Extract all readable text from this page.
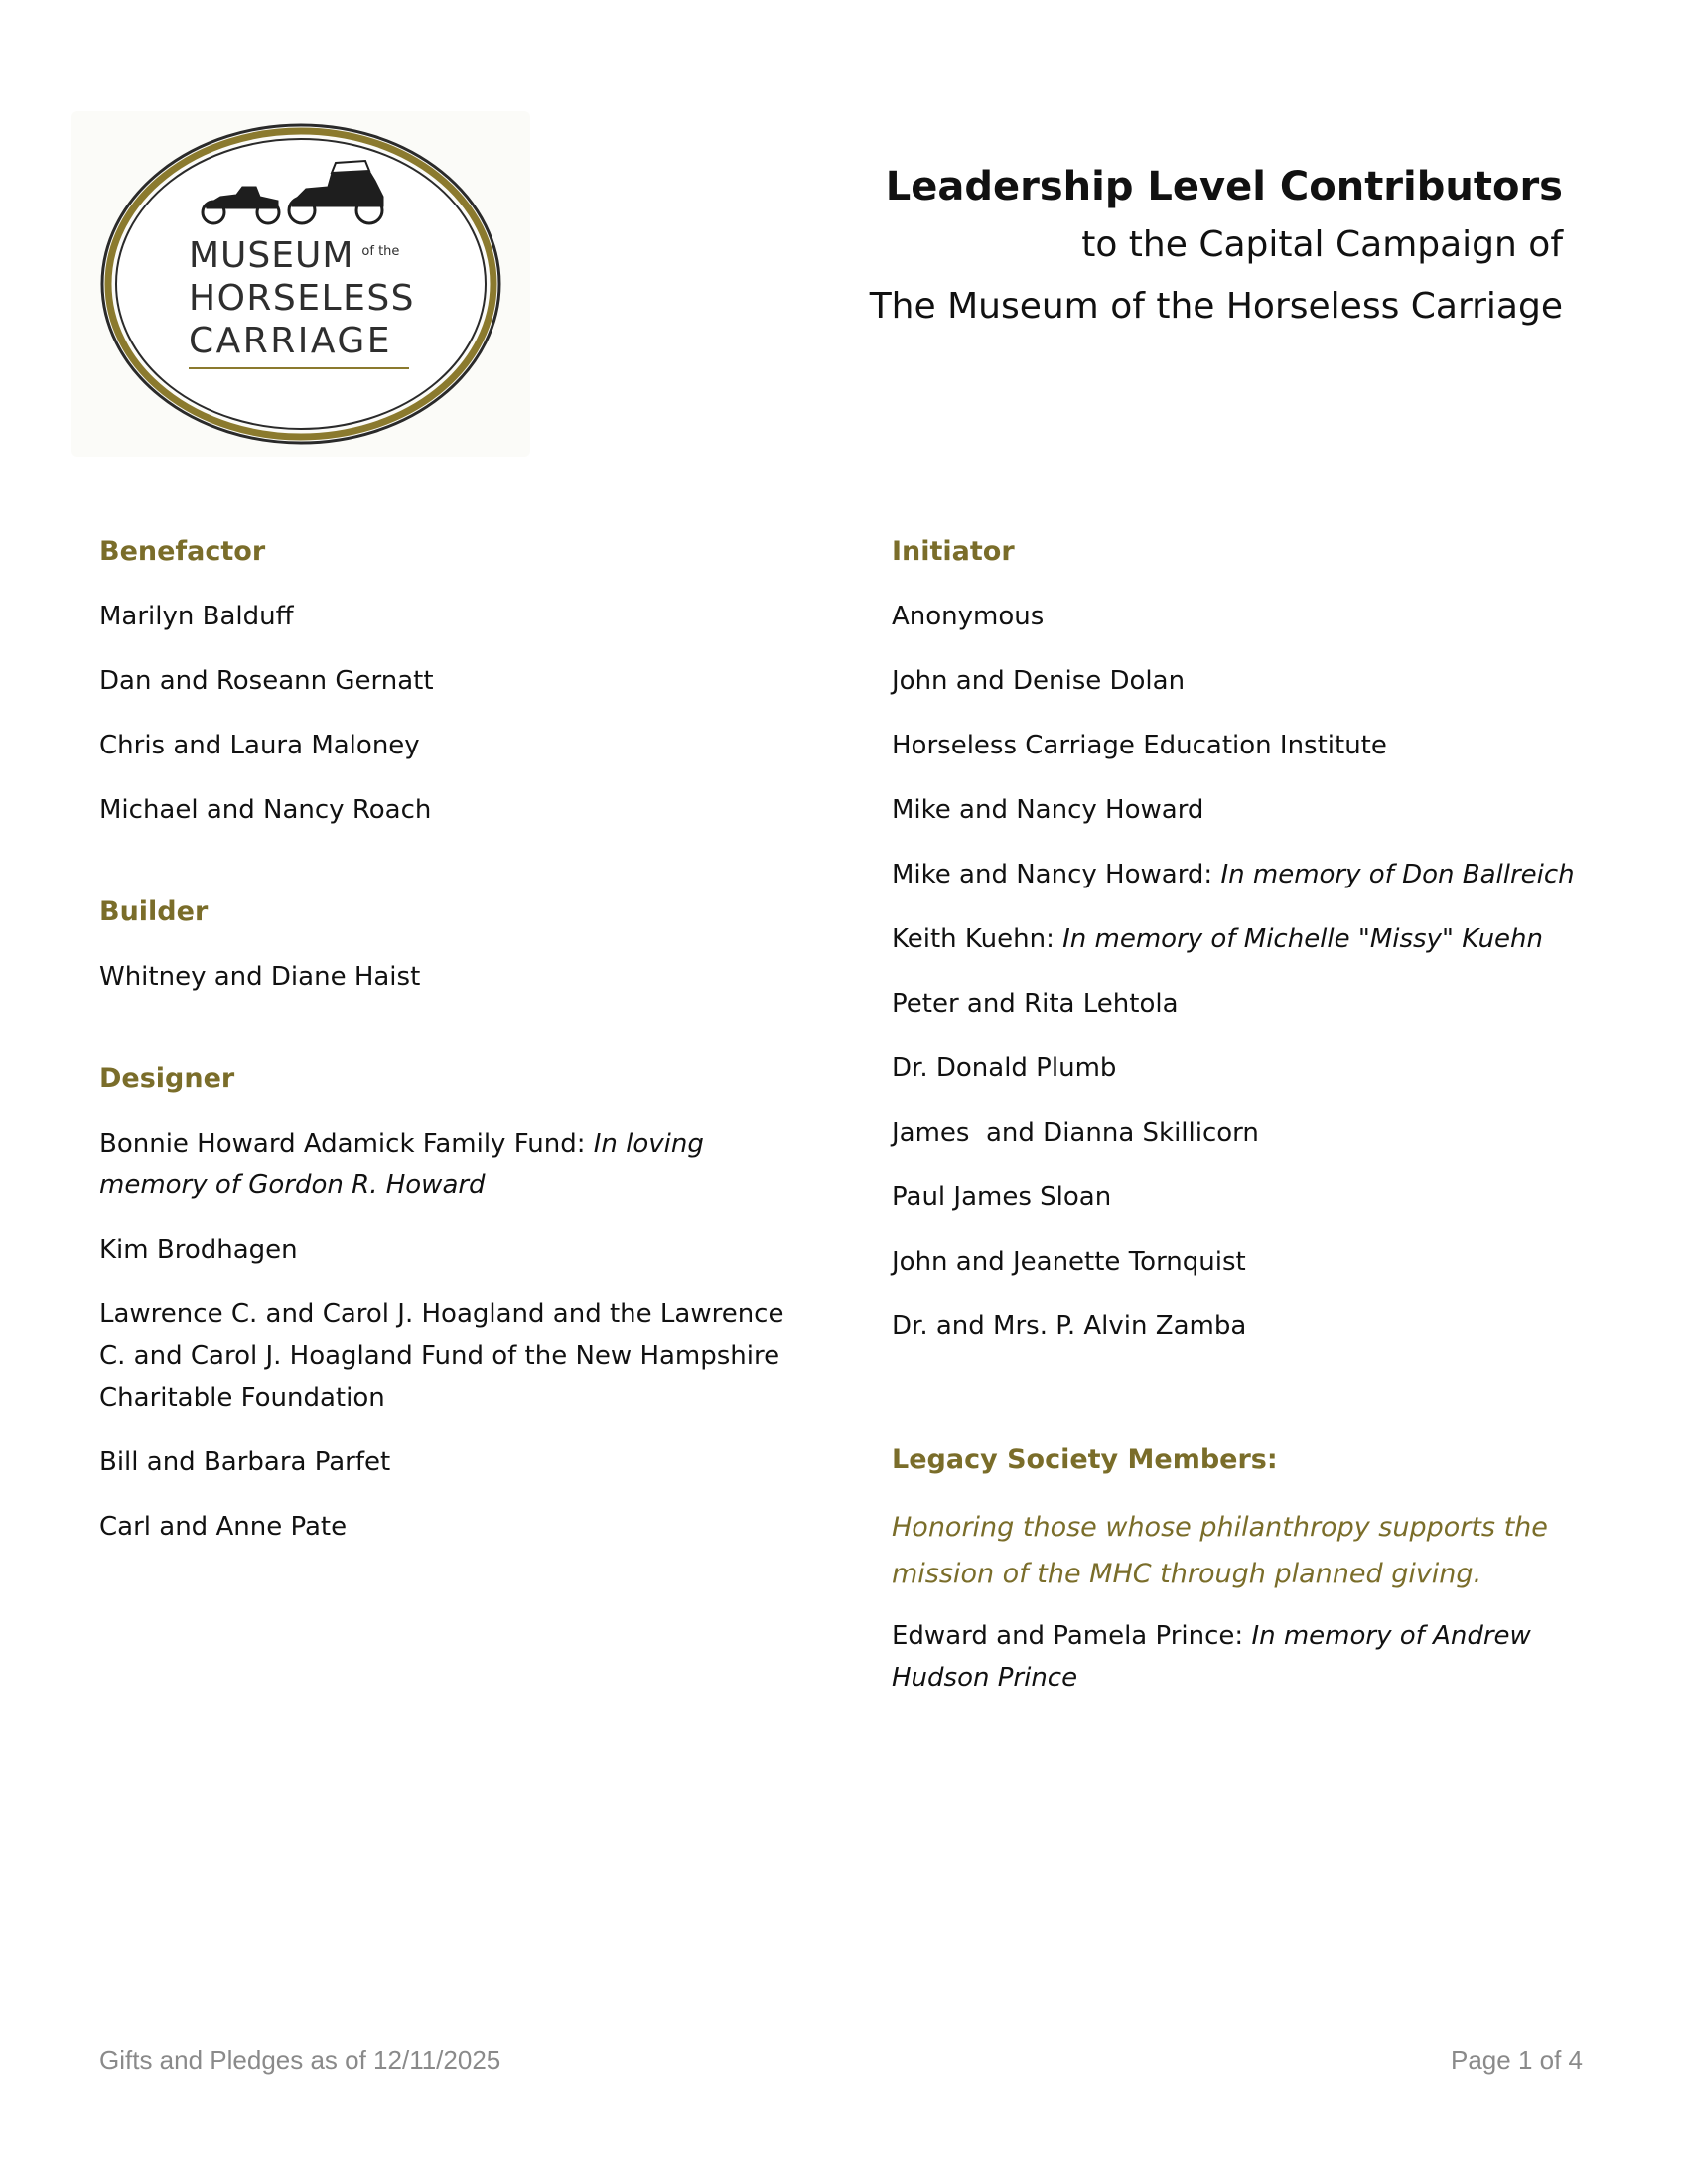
MUSEUM $^{of the}$
HORSELESS
CARRIAGE
Leadership Level Contributors
to the Capital Campaign of
The Museum of the Horseless Carriage
Benefactor
Marilyn Balduff
Dan and Roseann Gernatt
Chris and Laura Maloney
Michael and Nancy Roach
Builder
Whitney and Diane Haist
Designer
Bonnie Howard Adamick Family Fund: In loving memory of Gordon R. Howard
Kim Brodhagen
Lawrence C. and Carol J. Hoagland and the Lawrence C. and Carol J. Hoagland Fund of the New Hampshire Charitable Foundation
Bill and Barbara Parfet
Carl and Anne Pate
Initiator
Anonymous
John and Denise Dolan
Horseless Carriage Education Institute
Mike and Nancy Howard
Mike and Nancy Howard: In memory of Don Ballreich
Keith Kuehn: In memory of Michelle "Missy" Kuehn
Peter and Rita Lehtola
Dr. Donald Plumb
James  and Dianna Skillicorn
Paul James Sloan
John and Jeanette Tornquist
Dr. and Mrs. P. Alvin Zamba
Legacy Society Members:
Honoring those whose philanthropy supports the mission of the MHC through planned giving.
Edward and Pamela Prince: In memory of Andrew Hudson Prince
Gifts and Pledges as of 12/11/2025	Page 1 of 4
